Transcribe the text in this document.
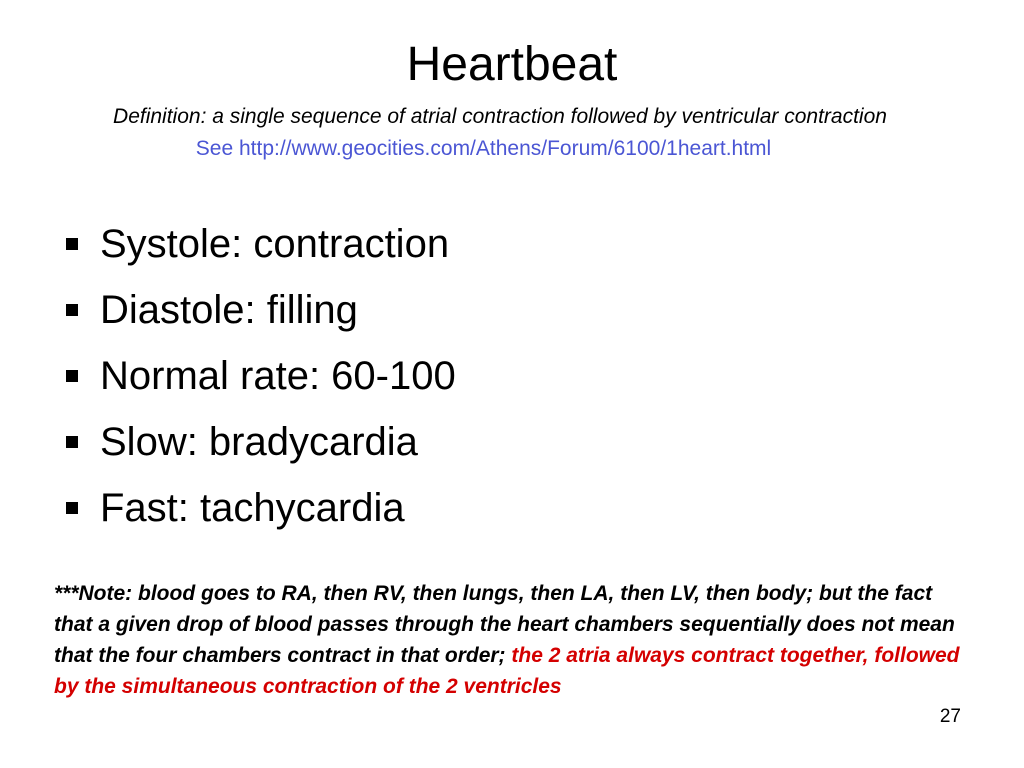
Heartbeat
Definition: a single sequence of atrial contraction followed by ventricular contraction
See http://www.geocities.com/Athens/Forum/6100/1heart.html
Systole: contraction
Diastole: filling
Normal rate: 60-100
Slow: bradycardia
Fast: tachycardia
***Note: blood goes to RA, then RV, then lungs, then LA, then LV, then body; but the fact that a given drop of blood passes through the heart chambers sequentially does not mean that the four chambers contract in that order; the 2 atria always contract together, followed by the simultaneous contraction of the 2 ventricles
27
